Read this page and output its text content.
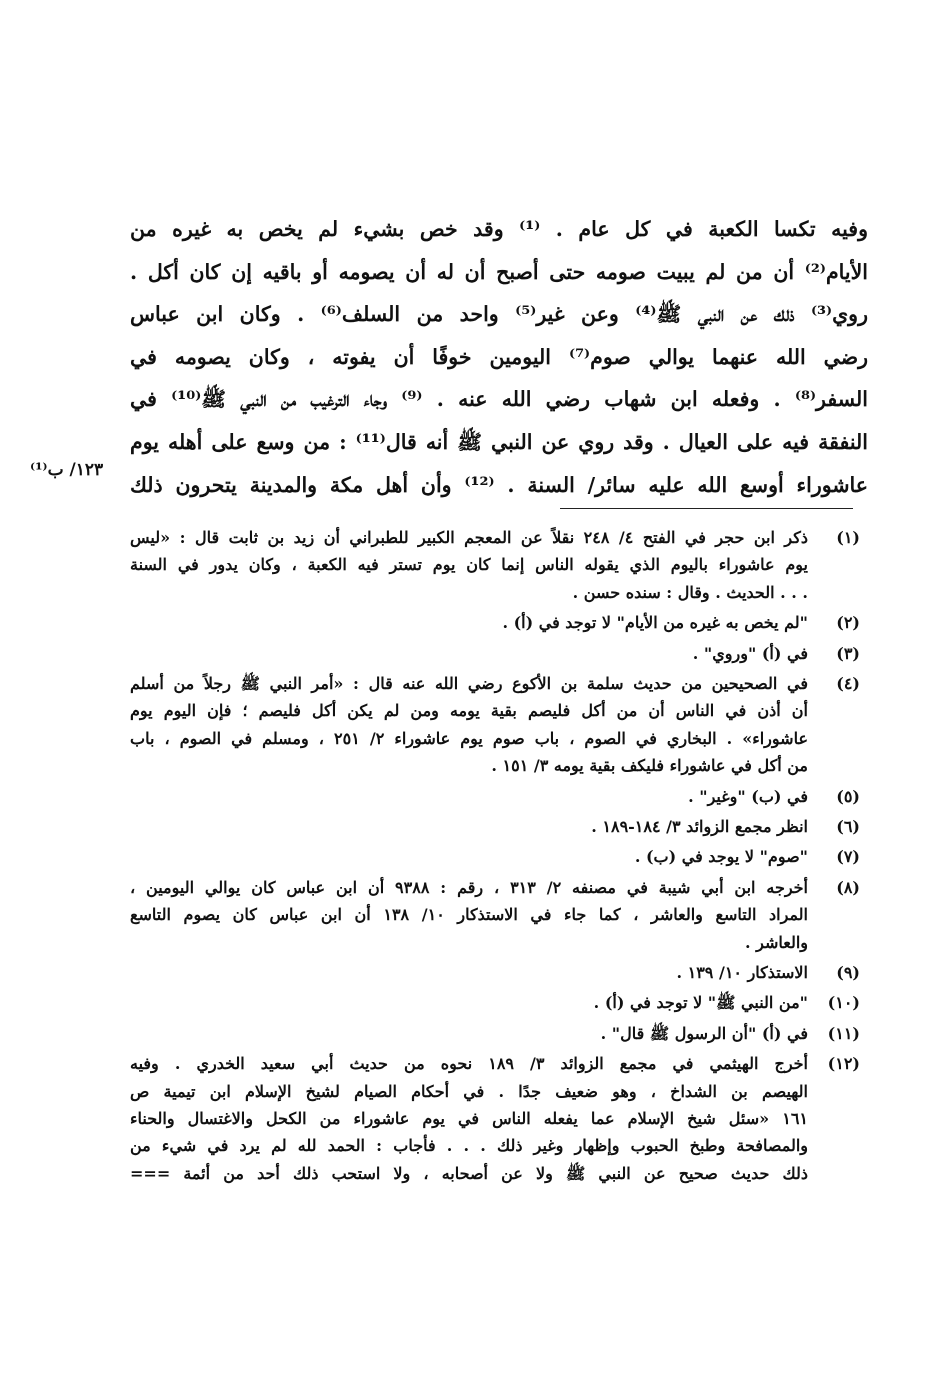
وفيه تكسا الكعبة في كل عام . ⁽¹⁾ وقد خص بشيء لم يخص به غيره من
الأيام⁽²⁾ أن من لم يبيت صومه حتى أصبح أن له أن يصومه أو باقيه إن كان أكل .
روي⁽³⁾ ذلك عن النبي ﷺ⁽⁴⁾ وعن غير⁽⁵⁾ واحد من السلف⁽⁶⁾ . وكان ابن عباس
رضي الله عنهما يوالي صوم⁽⁷⁾ اليومين خوفًا أن يفوته ، وكان يصومه في
السفر⁽⁸⁾ . وفعله ابن شهاب رضي الله عنه . ⁽⁹⁾ وجاء الترغيب من النبي ﷺ⁽¹⁰⁾ في
النفقة فيه على العيال . وقد روي عن النبي ﷺ أنه قال⁽¹¹⁾ : من وسع على أهله يوم
عاشوراء أوسع الله عليه سائر/ السنة . ⁽¹²⁾ وأن أهل مكة والمدينة يتحرون ذلك
١٢٣/ ب⁽¹⁾
(١)
ذكر ابن حجر في الفتح ٤/ ٢٤٨ نقلاً عن المعجم الكبير للطبراني أن زيد بن ثابت قال : «ليس
يوم عاشوراء باليوم الذي يقوله الناس إنما كان يوم تستر فيه الكعبة ، وكان يدور في السنة
. . . الحديث . وقال : سنده حسن .
(٢)
"لم يخص به غيره من الأيام" لا توجد في (أ) .
(٣)
في (أ) "وروي" .
(٤)
في الصحيحين من حديث سلمة بن الأكوع رضي الله عنه قال : «أمر النبي ﷺ رجلاً من أسلم
أن أذن في الناس أن من أكل فليصم بقية يومه ومن لم يكن أكل فليصم ؛ فإن اليوم يوم
عاشوراء» . البخاري في الصوم ، باب صوم يوم عاشوراء ٢/ ٢٥١ ، ومسلم في الصوم ، باب
من أكل في عاشوراء فليكف بقية يومه ٣/ ١٥١ .
(٥)
في (ب) "وغير" .
(٦)
انظر مجمع الزوائد ٣/ ١٨٤-١٨٩ .
(٧)
"صوم" لا يوجد في (ب) .
(٨)
أخرجه ابن أبي شيبة في مصنفه ٢/ ٣١٣ ، رقم : ٩٣٨٨ أن ابن عباس كان يوالي اليومين ،
المراد التاسع والعاشر ، كما جاء في الاستذكار ١٠/ ١٣٨ أن ابن عباس كان يصوم التاسع
والعاشر .
(٩)
الاستذكار ١٠/ ١٣٩ .
(١٠)
"من النبي ﷺ" لا توجد في (أ) .
(١١)
في (أ) "أن الرسول ﷺ قال" .
(١٢)
أخرج الهيثمي في مجمع الزوائد ٣/ ١٨٩ نحوه من حديث أبي سعيد الخدري . وفيه
الهيصم بن الشداخ ، وهو ضعيف جدًا . في أحكام الصيام لشيخ الإسلام ابن تيمية ص
١٦١ «سئل شيخ الإسلام عما يفعله الناس في يوم عاشوراء من الكحل والاغتسال والحناء
والمصافحة وطبخ الحبوب وإظهار وغير ذلك . . . فأجاب : الحمد لله لم يرد في شيء من
ذلك حديث صحيح عن النبي ﷺ ولا عن أصحابه ، ولا استحب ذلك أحد من أئمة ===
